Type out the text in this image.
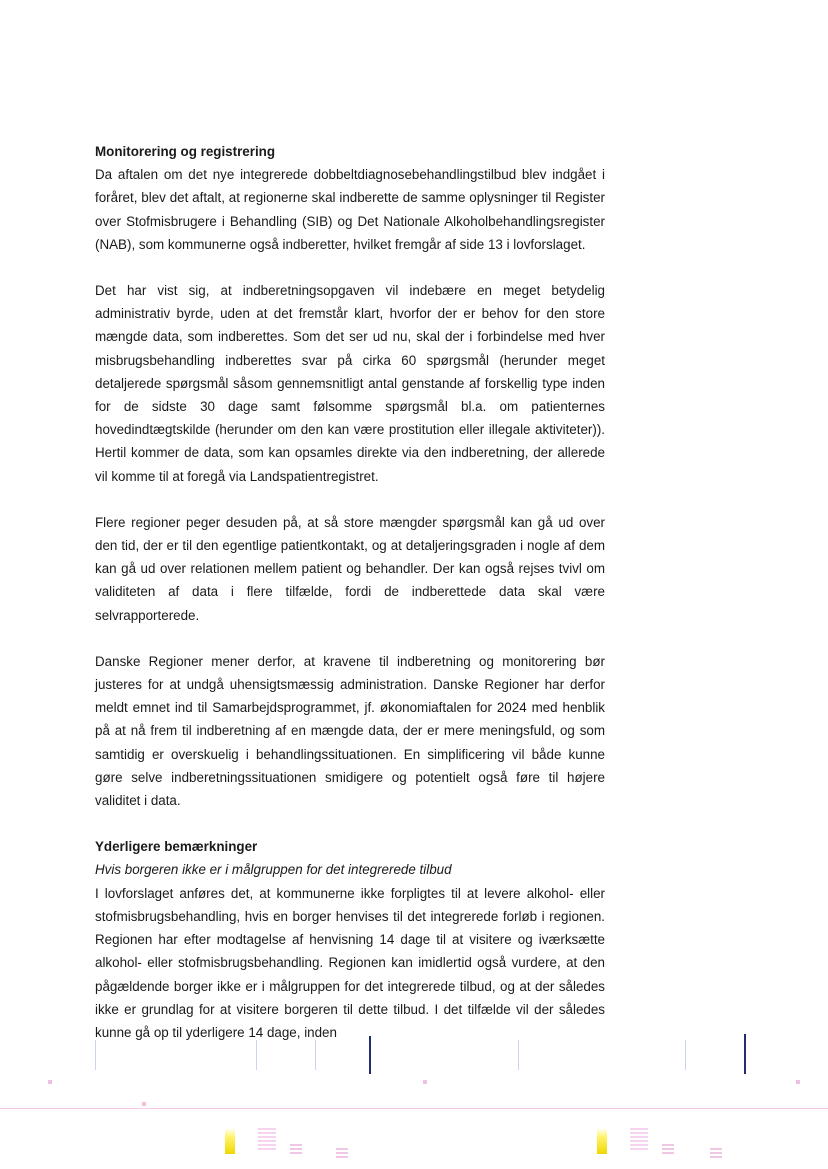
Monitorering og registrering

Da aftalen om det nye integrerede dobbeltdiagnosebehandlingstilbud blev indgået i foråret, blev det aftalt, at regionerne skal indberette de samme oplysninger til Register over Stofmisbrugere i Behandling (SIB) og Det Nationale Alkoholbehandlingsregister (NAB), som kommunerne også indberetter, hvilket fremgår af side 13 i lovforslaget.

Det har vist sig, at indberetningsopgaven vil indebære en meget betydelig administrativ byrde, uden at det fremstår klart, hvorfor der er behov for den store mængde data, som indberettes. Som det ser ud nu, skal der i forbindelse med hver misbrugsbehandling indberettes svar på cirka 60 spørgsmål (herunder meget detaljerede spørgsmål såsom gennemsnitligt antal genstande af forskellig type inden for de sidste 30 dage samt følsomme spørgsmål bl.a. om patienternes hovedindtægtskilde (herunder om den kan være prostitution eller illegale aktiviteter)). Hertil kommer de data, som kan opsamles direkte via den indberetning, der allerede vil komme til at foregå via Landspatientregistret.

Flere regioner peger desuden på, at så store mængder spørgsmål kan gå ud over den tid, der er til den egentlige patientkontakt, og at detaljeringsgraden i nogle af dem kan gå ud over relationen mellem patient og behandler. Der kan også rejses tvivl om validiteten af data i flere tilfælde, fordi de indberettede data skal være selvrapporterede.

Danske Regioner mener derfor, at kravene til indberetning og monitorering bør justeres for at undgå uhensigtsmæssig administration. Danske Regioner har derfor meldt emnet ind til Samarbejdsprogrammet, jf. økonomiaftalen for 2024 med henblik på at nå frem til indberetning af en mængde data, der er mere meningsfuld, og som samtidig er overskuelig i behandlingssituationen. En simplificering vil både kunne gøre selve indberetningssituationen smidigere og potentielt også føre til højere validitet i data.

Yderligere bemærkninger

Hvis borgeren ikke er i målgruppen for det integrerede tilbud

I lovforslaget anføres det, at kommunerne ikke forpligtes til at levere alkohol- eller stofmisbrugsbehandling, hvis en borger henvises til det integrerede forløb i regionen. Regionen har efter modtagelse af henvisning 14 dage til at visitere og iværksætte alkohol- eller stofmisbrugsbehandling. Regionen kan imidlertid også vurdere, at den pågældende borger ikke er i målgruppen for det integrerede tilbud, og at der således ikke er grundlag for at visitere borgeren til dette tilbud. I det tilfælde vil der således kunne gå op til yderligere 14 dage, inden
